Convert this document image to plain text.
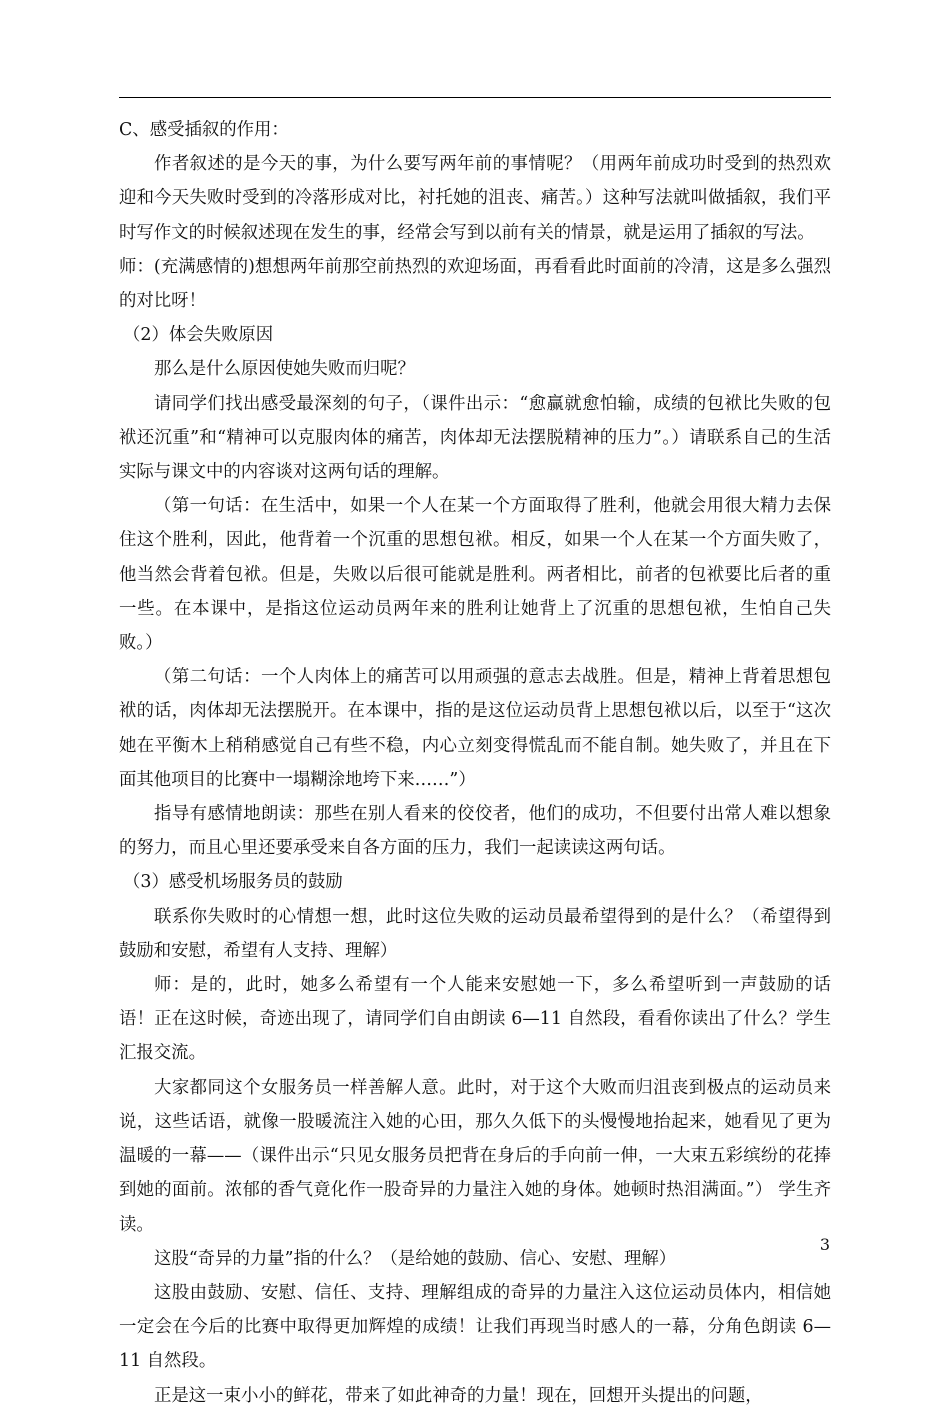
C、感受插叙的作用：

作者叙述的是今天的事，为什么要写两年前的事情呢？（用两年前成功时受到的热烈欢迎和今天失败时受到的冷落形成对比，衬托她的沮丧、痛苦。）这种写法就叫做插叙，我们平时写作文的时候叙述现在发生的事，经常会写到以前有关的情景，就是运用了插叙的写法。

师：(充满感情的)想想两年前那空前热烈的欢迎场面，再看看此时面前的冷清，这是多么强烈的对比呀！

（2）体会失败原因

那么是什么原因使她失败而归呢？

请同学们找出感受最深刻的句子，（课件出示：“愈赢就愈怕输，成绩的包袱比失败的包袱还沉重”和“精神可以克服肉体的痛苦，肉体却无法摆脱精神的压力”。）请联系自己的生活实际与课文中的内容谈对这两句话的理解。

（第一句话：在生活中，如果一个人在某一个方面取得了胜利，他就会用很大精力去保住这个胜利，因此，他背着一个沉重的思想包袱。相反，如果一个人在某一个方面失败了，他当然会背着包袱。但是，失败以后很可能就是胜利。两者相比，前者的包袱要比后者的重一些。在本课中，是指这位运动员两年来的胜利让她背上了沉重的思想包袱，生怕自己失败。）

（第二句话：一个人肉体上的痛苦可以用顽强的意志去战胜。但是，精神上背着思想包袱的话，肉体却无法摆脱开。在本课中，指的是这位运动员背上思想包袱以后，以至于“这次她在平衡木上稍稍感觉自己有些不稳，内心立刻变得慌乱而不能自制。她失败了，并且在下面其他项目的比赛中一塌糊涂地垮下来……”）

指导有感情地朗读：那些在别人看来的佼佼者，他们的成功，不但要付出常人难以想象的努力，而且心里还要承受来自各方面的压力，我们一起读读这两句话。

（3）感受机场服务员的鼓励

联系你失败时的心情想一想，此时这位失败的运动员最希望得到的是什么？（希望得到鼓励和安慰，希望有人支持、理解）

师：是的，此时，她多么希望有一个人能来安慰她一下，多么希望听到一声鼓励的话语！正在这时候，奇迹出现了，请同学们自由朗读 6—11 自然段，看看你读出了什么？学生汇报交流。

大家都同这个女服务员一样善解人意。此时，对于这个大败而归沮丧到极点的运动员来说，这些话语，就像一股暖流注入她的心田，那久久低下的头慢慢地抬起来，她看见了更为温暖的一幕——（课件出示“只见女服务员把背在身后的手向前一伸，一大束五彩缤纷的花捧到她的面前。浓郁的香气竟化作一股奇异的力量注入她的身体。她顿时热泪满面。”） 学生齐读。

这股“奇异的力量”指的什么？（是给她的鼓励、信心、安慰、理解）

这股由鼓励、安慰、信任、支持、理解组成的奇异的力量注入这位运动员体内，相信她一定会在今后的比赛中取得更加辉煌的成绩！让我们再现当时感人的一幕，分角色朗读 6—11 自然段。

正是这一束小小的鲜花，带来了如此神奇的力量！现在，回想开头提出的问题，

3
